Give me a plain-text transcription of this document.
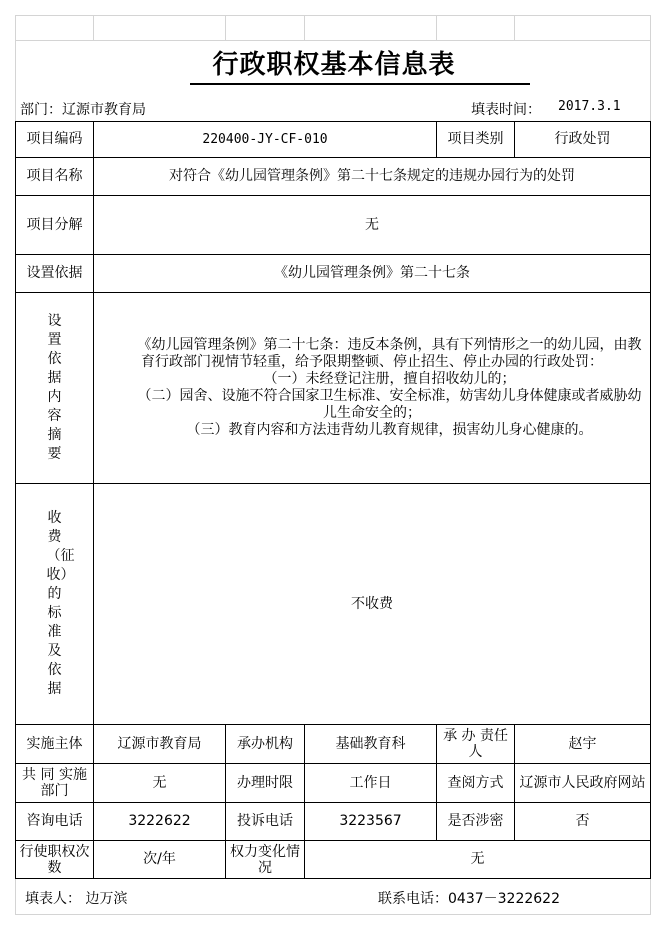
行政职权基本信息表
部门：辽源市教育局	填表时间： 2017.3.1
项目编码	220400-JY-CF-010			项目类别	行政处罚
项目名称	对符合《幼儿园管理条例》第二十七条规定的违规办园行为的处罚				
项目分解	无				
设置依据	《幼儿园管理条例》第二十七条				
设置依据内容摘要	《幼儿园管理条例》第二十七条：违反本条例，具有下列情形之一的幼儿园，由教育行政部门视情节轻重，给予限期整顿、停止招生、停止办园的行政处罚：

（一）未经登记注册，擅自招收幼儿的；

（二）园舍、设施不符合国家卫生标准、安全标准，妨害幼儿身体健康或者威胁幼儿生命安全的；

（三）教育内容和方法违背幼儿教育规律，损害幼儿身心健康的。				

收费（征收）的标准及依据	不收费				
实施主体	辽源市教育局	承办机构	基础教育科	承 办 责任人	赵宇
共 同 实施部门	无	办理时限	工作日	查阅方式	辽源市人民政府网站
咨询电话	3222622	投诉电话	3223567	是否涉密	否
行使职权次 数	次/年	权力变化情 况	无		
填表人： 边万滨	联系电话：0437－3222622
